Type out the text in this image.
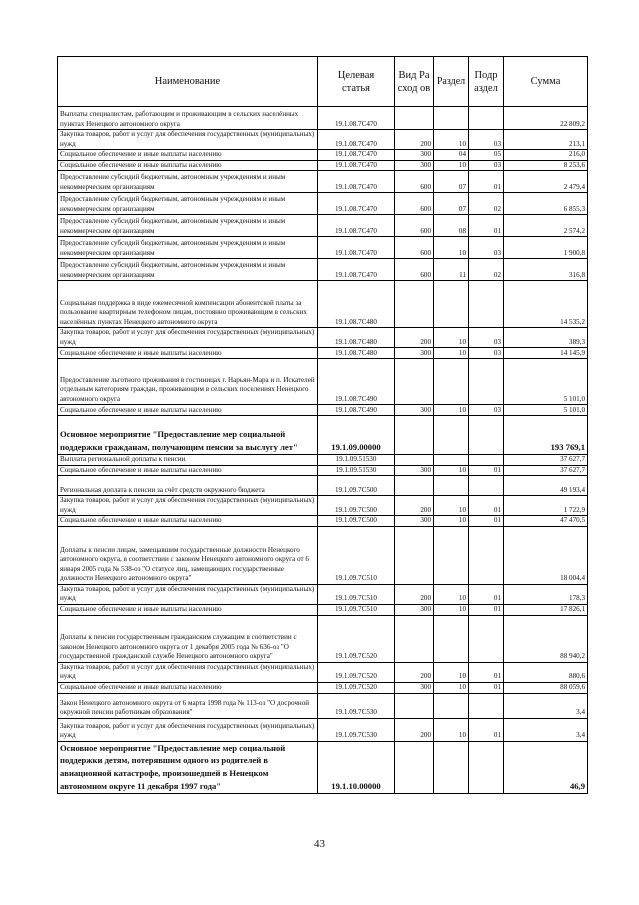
Наименование	Целевая статья	Вид Расход ов	Раздел	Подр аздел	Сумма
Выплаты специалистам, работающим и проживающим в сельских населённых пунктах Ненецкого автономного округа	19.1.08.7С470				22 809,2
Закупка товаров, работ и услуг для обеспечения государственных (муниципальных) нужд	19.1.08.7С470	200	10	03	213,1
Социальное обеспечение и иные выплаты населению	19.1.08.7С470	300	04	05	216,0
Социальное обеспечение и иные выплаты населению	19.1.08.7С470	300	10	03	8 253,6
Предоставление субсидий бюджетным, автономным учреждениям и иным некоммерческим организациям	19.1.08.7С470	600	07	01	2 479,4
Предоставление субсидий бюджетным, автономным учреждениям и иным некоммерческим организациям	19.1.08.7С470	600	07	02	6 855,3
Предоставление субсидий бюджетным, автономным учреждениям и иным некоммерческим организациям	19.1.08.7С470	600	08	01	2 574,2
Предоставление субсидий бюджетным, автономным учреждениям и иным некоммерческим организациям	19.1.08.7С470	600	10	03	1 900,8
Предоставление субсидий бюджетным, автономным учреждениям и иным некоммерческим организациям	19.1.08.7С470	600	11	02	316,8
Социальная поддержка в виде ежемесячной компенсации абонентской платы за пользование квартирным телефоном лицам, постоянно проживающим в сельских населённых пунктах Ненецкого автономного округа	19.1.08.7С480				14 535,2
Закупка товаров, работ и услуг для обеспечения государственных (муниципальных) нужд	19.1.08.7С480	200	10	03	389,3
Социальное обеспечение и иные выплаты населению	19.1.08.7С480	300	10	03	14 145,9
Предоставление льготного проживания в гостиницах г. Нарьян-Мара и п. Искателей отдельным категориям граждан, проживающим в сельских поселениях Ненецкого автономного округа	19.1.08.7С490				5 101,0
Социальное обеспечение и иные выплаты населению	19.1.08.7С490	300	10	03	5 101,0
Основное мероприятие "Предоставление мер социальной поддержки гражданам, получающим пенсии за выслугу лет"	19.1.09.00000				193 769,1
Выплата региональной доплаты к пенсии	19.1.09.51530				37 627,7
Социальное обеспечение и иные выплаты населению	19.1.09.51530	300	10	01	37 627,7
Региональная доплата к пенсии за счёт средств окружного бюджета	19.1.09.7С500				49 193,4
Закупка товаров, работ и услуг для обеспечения государственных (муниципальных) нужд	19.1.09.7С500	200	10	01	1 722,9
Социальное обеспечение и иные выплаты населению	19.1.09.7С500	300	10	01	47 470,5
Доплаты к пенсии лицам, замещавшим государственные должности Ненецкого автономного округа, в соответствии с законом Ненецкого автономного округа от 6 января 2005 года № 538-оз "О статусе лиц, замещающих государственные должности Ненецкого автономного округа"	19.1.09.7С510				18 004,4
Закупка товаров, работ и услуг для обеспечения государственных (муниципальных) нужд	19.1.09.7С510	200	10	01	178,3
Социальное обеспечение и иные выплаты населению	19.1.09.7С510	300	10	01	17 826,1
Доплаты к пенсии государственным гражданским служащим в соответствии с законом Ненецкого автономного округа от 1 декабря 2005 года № 636-оз "О государственной гражданской службе Ненецкого автономного округа"	19.1.09.7С520				88 940,2
Закупка товаров, работ и услуг для обеспечения государственных (муниципальных) нужд	19.1.09.7С520	200	10	01	880,6
Социальное обеспечение и иные выплаты населению	19.1.09.7С520	300	10	01	88 059,6
Закон Ненецкого автономного округа от 6 марта 1998 года № 113-оз "О досрочной окружной пенсии работникам образования"	19.1.09.7С530				3,4
Закупка товаров, работ и услуг для обеспечения государственных (муниципальных) нужд	19.1.09.7С530	200	10	01	3,4
Основное мероприятие "Предоставление мер социальной поддержки детям, потерявшим одного из родителей в авиационной катастрофе, произошедшей в Ненецком автономном округе 11 декабря 1997 года"	19.1.10.00000				46,9
43
